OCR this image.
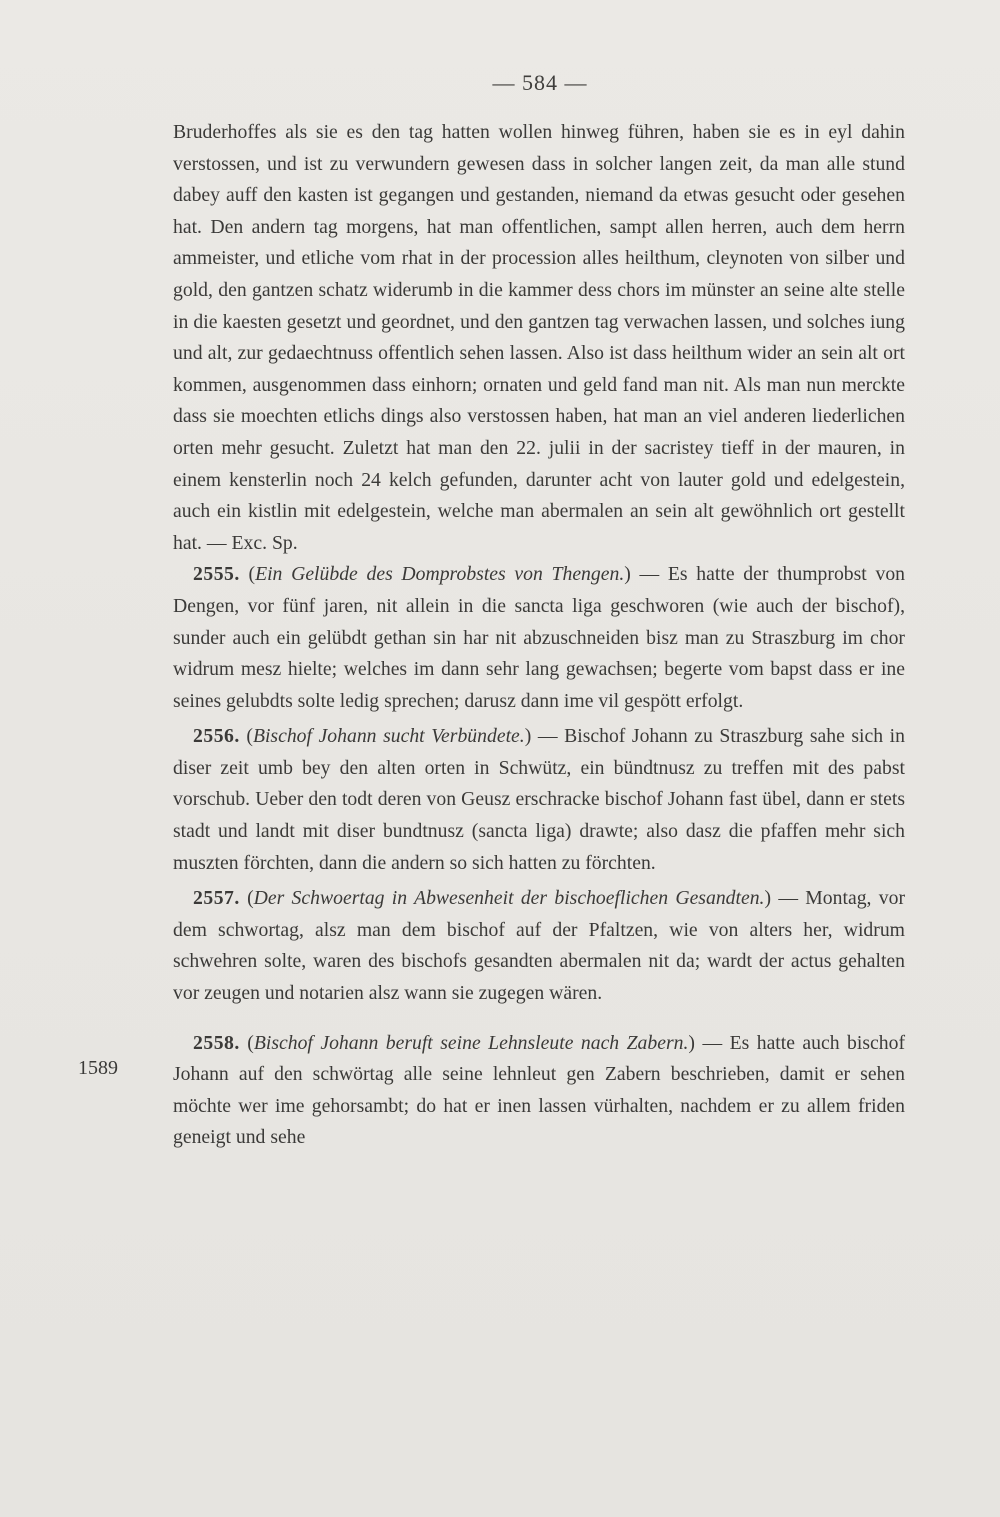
— 584 —
1589

Bruderhoffes als sie es den tag hatten wollen hinweg führen, haben sie es in eyl dahin verstossen, und ist zu verwundern gewesen dass in solcher langen zeit, da man alle stund dabey auff den kasten ist gegangen und gestanden, niemand da etwas gesucht oder gesehen hat. Den andern tag morgens, hat man offentlichen, sampt allen herren, auch dem herrn ammeister, und etliche vom rhat in der procession alles heilthum, cleynoten von silber und gold, den gantzen schatz widerumb in die kammer dess chors im münster an seine alte stelle in die kaesten gesetzt und geordnet, und den gantzen tag verwachen lassen, und solches iung und alt, zur gedaechtnuss offentlich sehen lassen. Also ist dass heilthum wider an sein alt ort kommen, ausgenommen dass einhorn; ornaten und geld fand man nit. Als man nun merckte dass sie moechten etlichs dings also verstossen haben, hat man an viel anderen liederlichen orten mehr gesucht. Zuletzt hat man den 22. julii in der sacristey tieff in der mauren, in einem kensterlin noch 24 kelch gefunden, darunter acht von lauter gold und edelgestein, auch ein kistlin mit edelgestein, welche man abermalen an sein alt gewöhnlich ort gestellt hat. — Exc. Sp.

2555. (Ein Gelübde des Domprobstes von Thengen.) — Es hatte der thumprobst von Dengen, vor fünf jaren, nit allein in die sancta liga geschworen (wie auch der bischof), sunder auch ein gelübdt gethan sin har nit abzuschneiden bisz man zu Straszburg im chor widrum mesz hielte; welches im dann sehr lang gewachsen; begerte vom bapst dass er ine seines gelubdts solte ledig sprechen; darusz dann ime vil gespött erfolgt.

2556. (Bischof Johann sucht Verbündete.) — Bischof Johann zu Straszburg sahe sich in diser zeit umb bey den alten orten in Schwütz, ein bündtnusz zu treffen mit des pabst vorschub. Ueber den todt deren von Geusz erschracke bischof Johann fast übel, dann er stets stadt und landt mit diser bundtnusz (sancta liga) drawte; also dasz die pfaffen mehr sich muszten förchten, dann die andern so sich hatten zu förchten.

2557. (Der Schwoertag in Abwesenheit der bischoeflichen Gesandten.) — Montag, vor dem schwortag, alsz man dem bischof auf der Pfaltzen, wie von alters her, widrum schwehren solte, waren des bischofs gesandten abermalen nit da; wardt der actus gehalten vor zeugen und notarien alsz wann sie zugegen wären.

2558. (Bischof Johann beruft seine Lehnsleute nach Zabern.) — Es hatte auch bischof Johann auf den schwörtag alle seine lehnleut gen Zabern beschrieben, damit er sehen möchte wer ime gehorsambt; do hat er inen lassen vürhalten, nachdem er zu allem friden geneigt und sehe
